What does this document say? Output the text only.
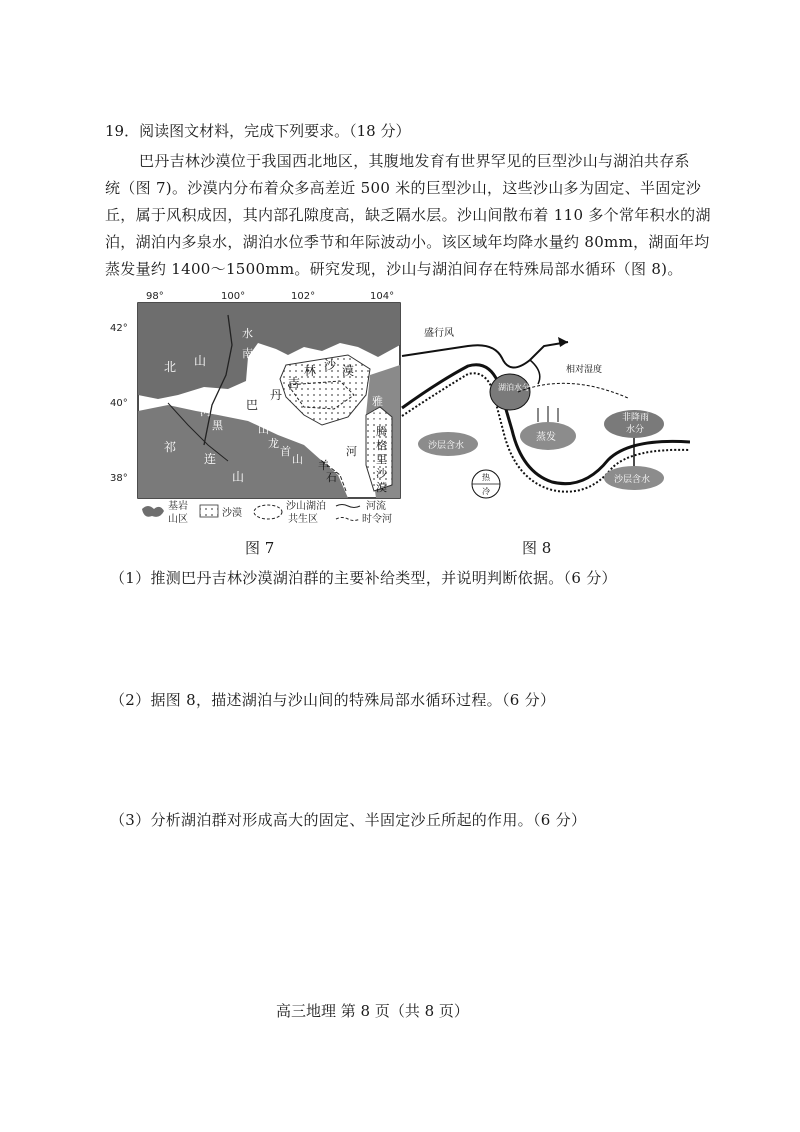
19．阅读图文材料，完成下列要求。（18 分）
巴丹吉林沙漠位于我国西北地区，其腹地发育有世界罕见的巨型沙山与湖泊共存系
统（图 7)。沙漠内分布着众多高差近 500 米的巨型沙山，这些沙山多为固定、半固定沙
丘，属于风积成因，其内部孔隙度高，缺乏隔水层。沙山间散布着 110 多个常年积水的湖
泊，湖泊内多泉水，湖泊水位季节和年际波动小。该区域年均降水量约 80mm，湖面年均
蒸发量约 1400～1500mm。研究发现，沙山与湖泊间存在特殊局部水循环（图 8)。
98°	100°	102°	104°
42°
40°
38°
北 山
水
南
巴
丹
吉
林 沙 漠
河 北
黑
祁
连
山
龙
首
山
山
雅
兰
腾
格
里
沙
漠
河
石
羊
基岩
山区
沙漠
沙山湖泊
共生区
河流
时令河
图 7
盛行风
湖泊水分
相对湿度
蒸发
非降雨
水分
沙层含水
沙层含水
热
冷
图 8
（1）推测巴丹吉林沙漠湖泊群的主要补给类型，并说明判断依据。（6 分）
（2）据图 8，描述湖泊与沙山间的特殊局部水循环过程。（6 分）
（3）分析湖泊群对形成高大的固定、半固定沙丘所起的作用。（6 分）
高三地理 第 8 页（共 8 页）
